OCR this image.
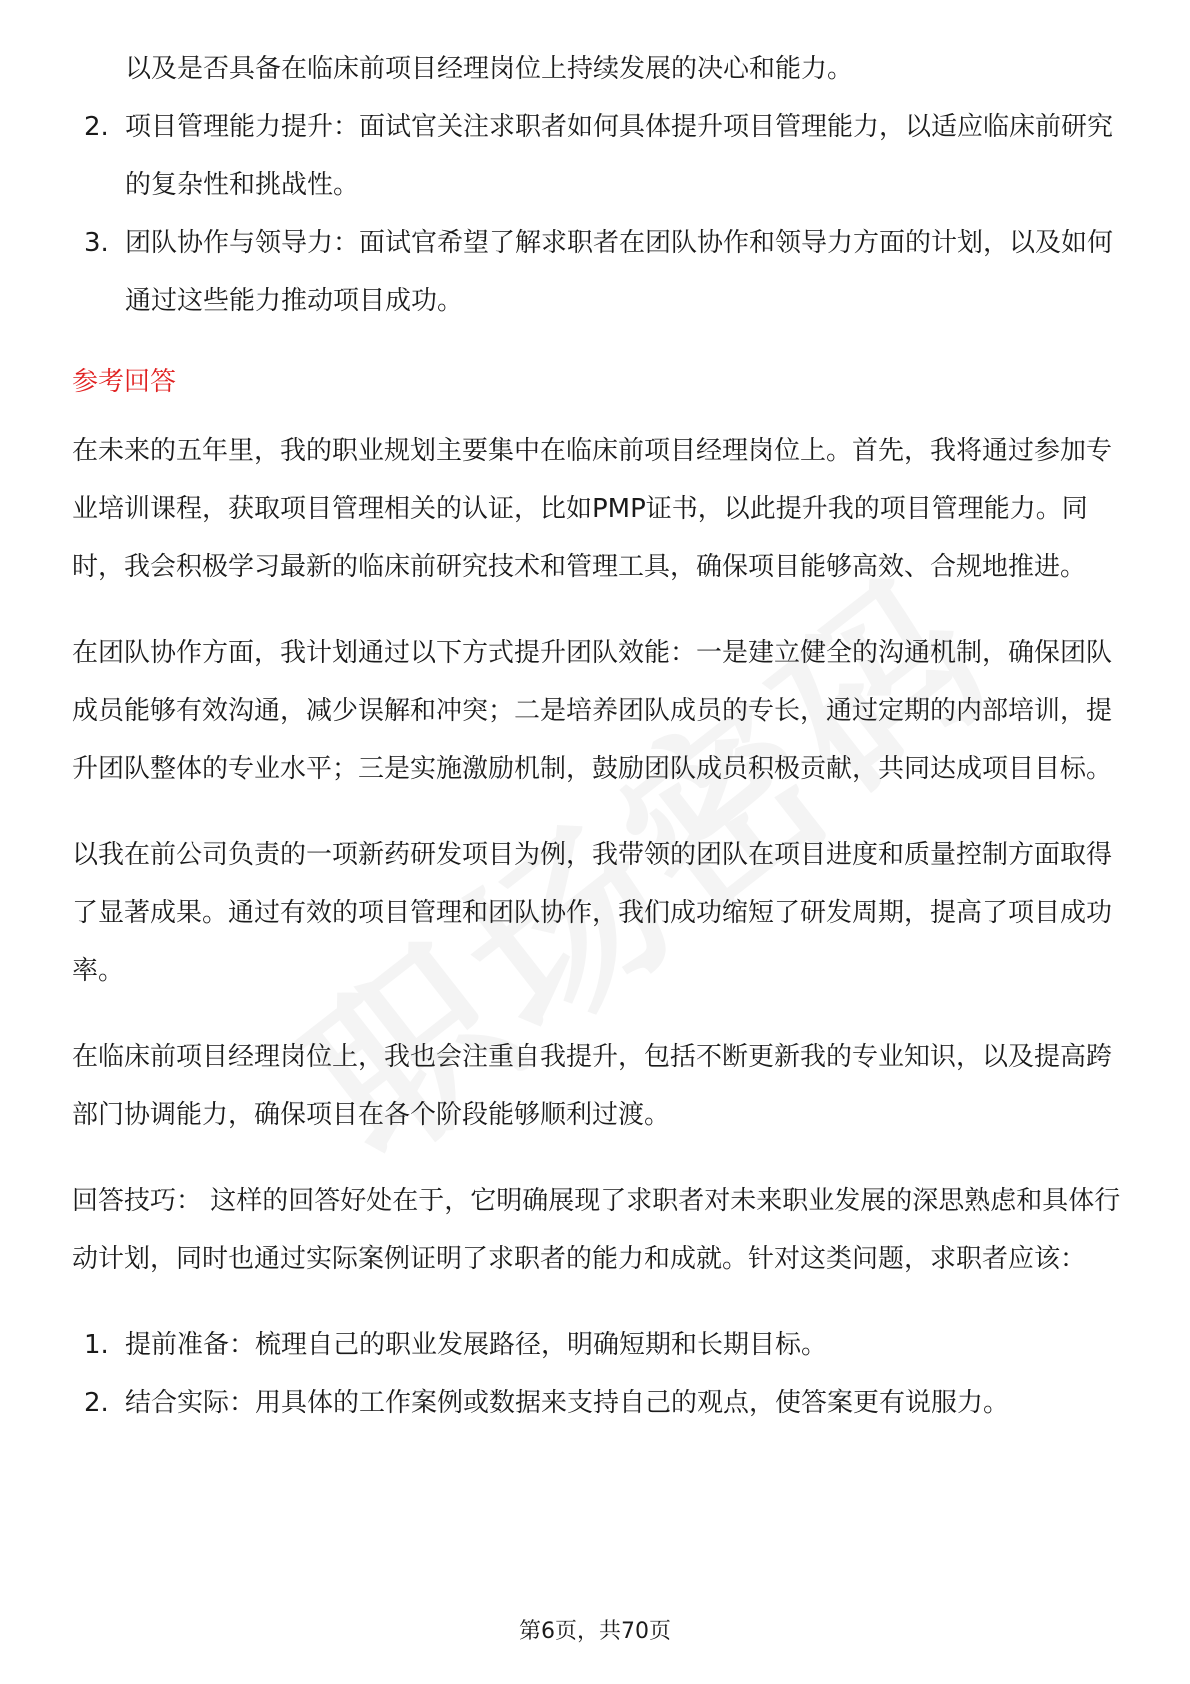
以及是否具备在临床前项目经理岗位上持续发展的决心和能力。
2. 项目管理能力提升：面试官关注求职者如何具体提升项目管理能力，以适应临床前研究的复杂性和挑战性。
3. 团队协作与领导力：面试官希望了解求职者在团队协作和领导力方面的计划，以及如何通过这些能力推动项目成功。
参考回答

在未来的五年里，我的职业规划主要集中在临床前项目经理岗位上。首先，我将通过参加专业培训课程，获取项目管理相关的认证，比如PMP证书，以此提升我的项目管理能力。同时，我会积极学习最新的临床前研究技术和管理工具，确保项目能够高效、合规地推进。

在团队协作方面，我计划通过以下方式提升团队效能：一是建立健全的沟通机制，确保团队成员能够有效沟通，减少误解和冲突；二是培养团队成员的专长，通过定期的内部培训，提升团队整体的专业水平；三是实施激励机制，鼓励团队成员积极贡献，共同达成项目目标。

以我在前公司负责的一项新药研发项目为例，我带领的团队在项目进度和质量控制方面取得了显著成果。通过有效的项目管理和团队协作，我们成功缩短了研发周期，提高了项目成功率。

在临床前项目经理岗位上，我也会注重自我提升，包括不断更新我的专业知识，以及提高跨部门协调能力，确保项目在各个阶段能够顺利过渡。

回答技巧： 这样的回答好处在于，它明确展现了求职者对未来职业发展的深思熟虑和具体行动计划，同时也通过实际案例证明了求职者的能力和成就。针对这类问题，求职者应该：

1. 提前准备：梳理自己的职业发展路径，明确短期和长期目标。
2. 结合实际：用具体的工作案例或数据来支持自己的观点，使答案更有说服力。
第6页，共70页
